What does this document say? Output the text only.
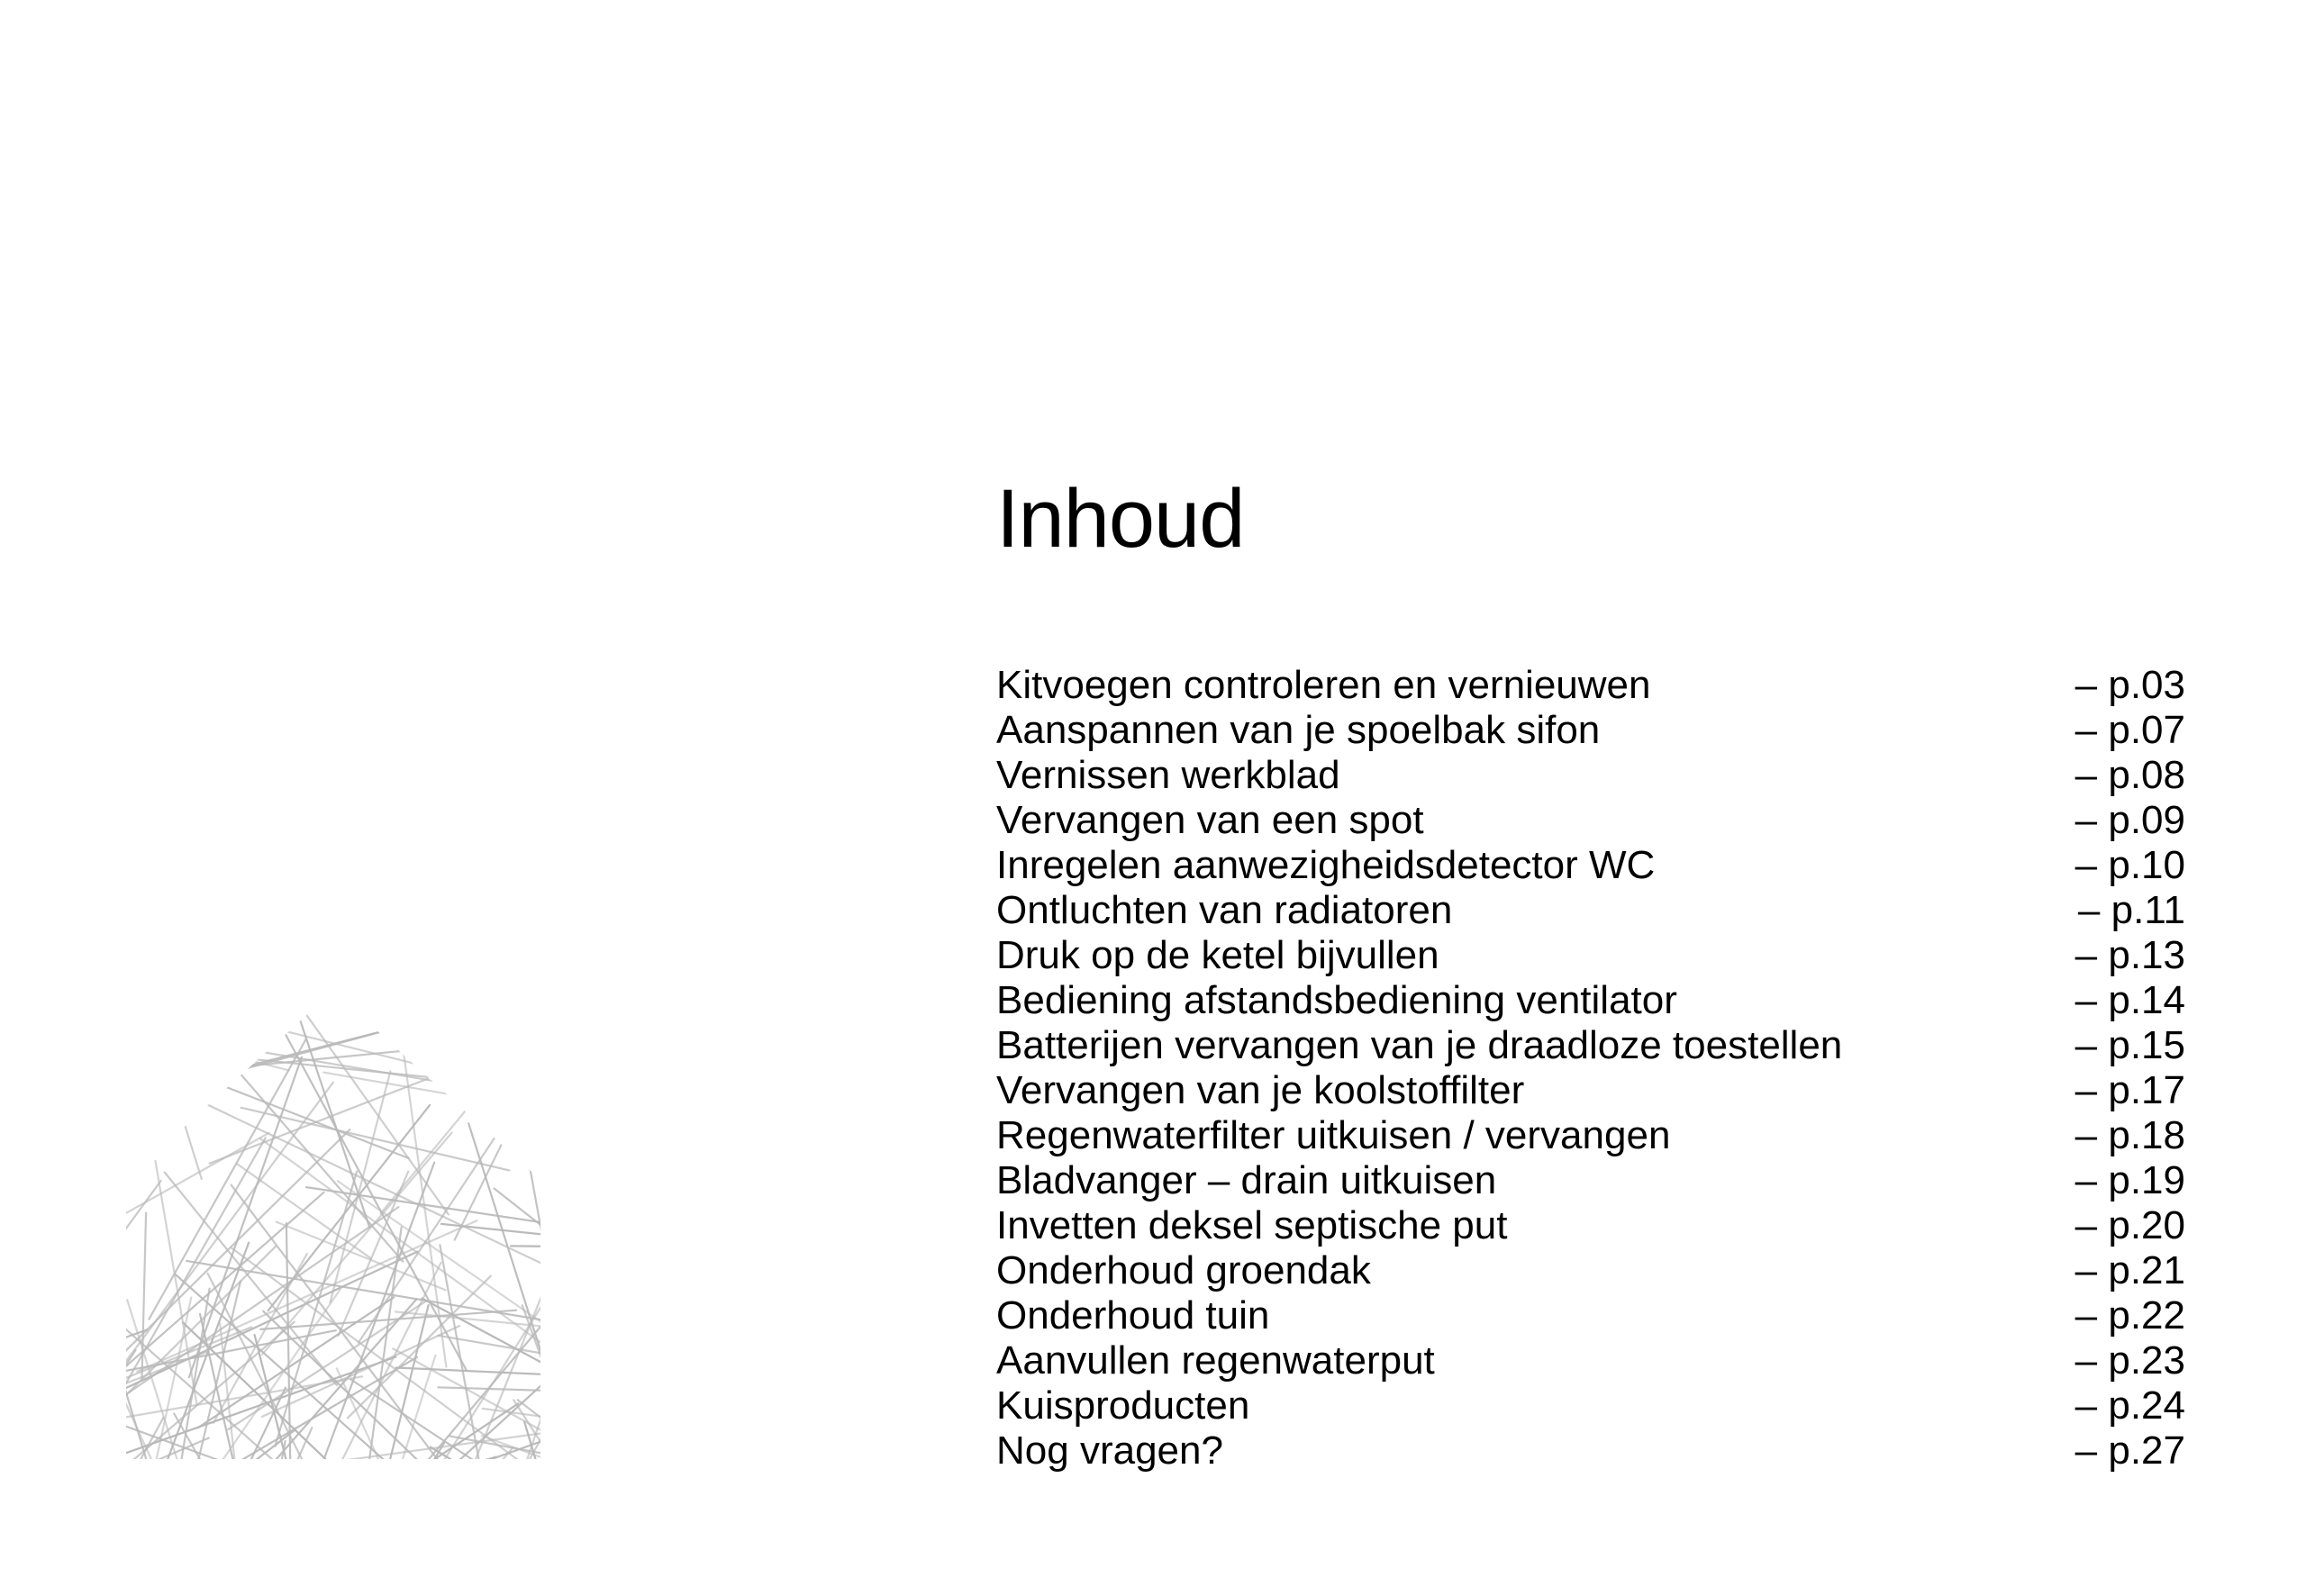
Inhoud
Kitvoegen controleren en vernieuwen	– p.03
Aanspannen van je spoelbak sifon	– p.07
Vernissen werkblad	– p.08
Vervangen van een spot	– p.09
Inregelen aanwezigheidsdetector WC	– p.10
Ontluchten van radiatoren	– p.11
Druk op de ketel bijvullen	– p.13
Bediening afstandsbediening ventilator	– p.14
Batterijen vervangen van je draadloze toestellen	– p.15
Vervangen van je koolstoffilter	– p.17
Regenwaterfilter uitkuisen / vervangen	– p.18
Bladvanger – drain uitkuisen	– p.19
Invetten deksel septische put	– p.20
Onderhoud groendak	– p.21
Onderhoud tuin	– p.22
Aanvullen regenwaterput	– p.23
Kuisproducten	– p.24
Nog vragen?	– p.27
